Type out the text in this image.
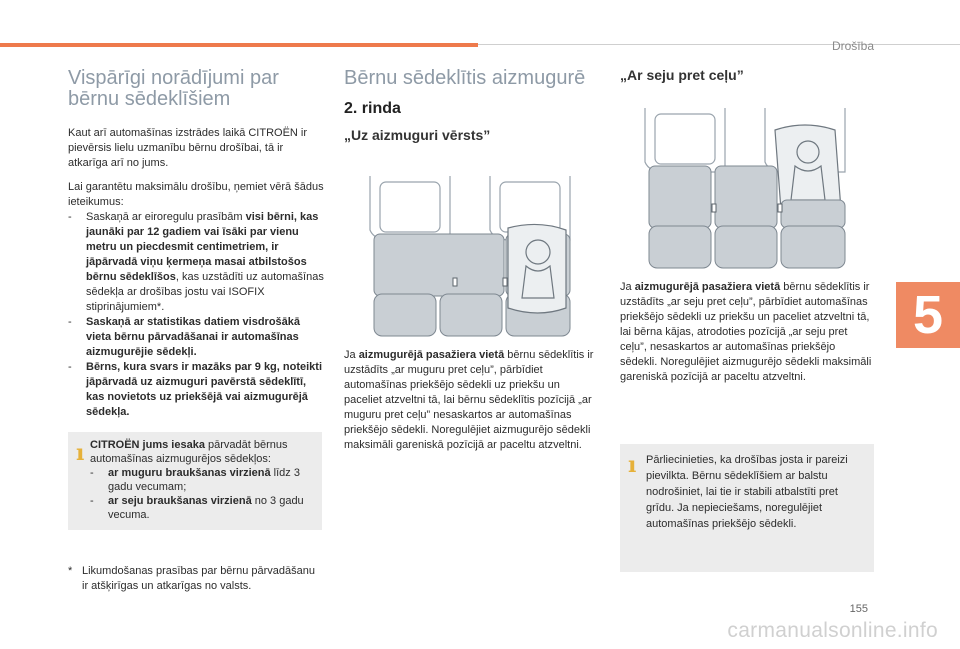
Drošība
5
155
carmanualsonline.info
Vispārīgi norādījumi par bērnu sēdeklīšiem

Kaut arī automašīnas izstrādes laikā CITROËN ir pievērsis lielu uzmanību bērnu drošībai, tā ir atkarīga arī no jums.

Lai garantētu maksimālu drošību, ņemiet vērā šādus ieteikumus:

- Saskaņā ar eiroregulu prasībām visi bērni, kas jaunāki par 12 gadiem vai īsāki par vienu metru un piecdesmit centimetriem, ir jāpārvadā viņu ķermeņa masai atbilstošos bērnu sēdeklīšos, kas uzstādīti uz automašīnas sēdekļa ar drošības jostu vai ISOFIX stiprinājumiem*.
- Saskaņā ar statistikas datiem visdrošākā vieta bērnu pārvadāšanai ir automašīnas aizmugurējie sēdekļi.
- Bērns, kura svars ir mazāks par 9 kg, noteikti jāpārvadā uz aizmuguri pavērstā sēdeklītī, kas novietots uz priekšējā vai aizmugurējā sēdekļa.
ı CITROËN jums iesaka pārvadāt bērnus automašīnas aizmugurējos sēdekļos:

- ar muguru braukšanas virzienā līdz 3 gadu vecumam;
- ar seju braukšanas virzienā no 3 gadu vecuma.
* Likumdošanas prasības par bērnu pārvadāšanu ir atšķirīgas un atkarīgas no valsts.
Bērnu sēdeklītis aizmugurē
2. rinda
„Uz aizmuguri vērsts”

Ja aizmugurējā pasažiera vietā bērnu sēdeklītis ir uzstādīts „ar muguru pret ceļu”, pārbīdiet automašīnas priekšējo sēdekli uz priekšu un paceliet atzveltni tā, lai bērnu sēdeklītis pozīcijā „ar muguru pret ceļu” nesaskartos ar automašīnas priekšējo sēdekli. Noregulējiet aizmugurējo sēdekli maksimāli gareniskā pozīcijā ar paceltu atzveltni.

„Ar seju pret ceļu”

Ja aizmugurējā pasažiera vietā bērnu sēdeklītis ir uzstādīts „ar seju pret ceļu”, pārbīdiet automašīnas priekšējo sēdekli uz priekšu un paceliet atzveltni tā, lai bērna kājas, atrodoties pozīcijā „ar seju pret ceļu”, nesaskartos ar automašīnas priekšējo sēdekli. Noregulējiet aizmugurējo sēdekli maksimāli gareniskā pozīcijā ar paceltu atzveltni.

ı Pārliecinieties, ka drošības josta ir pareizi pievilkta. Bērnu sēdeklīšiem ar balstu nodrošiniet, lai tie ir stabili atbalstīti pret grīdu. Ja nepieciešams, noregulējiet automašīnas priekšējo sēdekli.
